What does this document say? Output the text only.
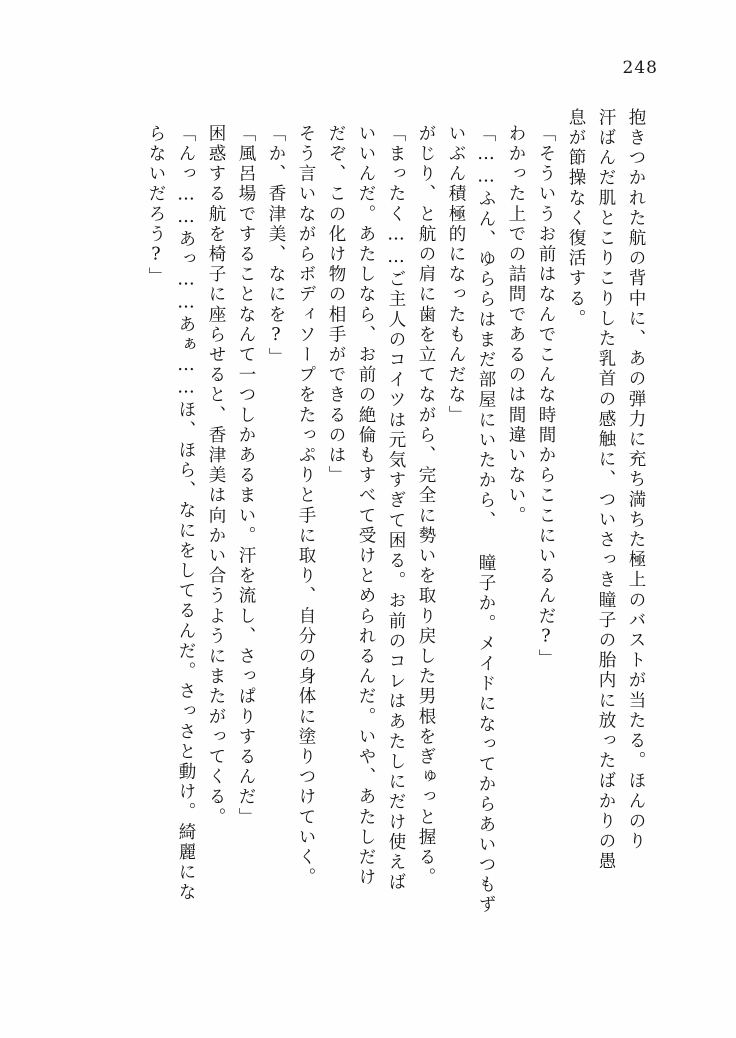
248
抱きつかれた航の背中に、あの弾力に充ち満ちた極上のバストが当たる。ほんのり
汗ばんだ肌とこりこりした乳首の感触に、ついさっき瞳子の胎内に放ったばかりの愚
息が節操なく復活する。
「そういうお前はなんでこんな時間からここにいるんだ?」
わかった上での詰問であるのは間違いない。
「……ふん、ゆららはまだ部屋にいたから、 瞳子か。メイドになってからあいつもず
いぶん積極的になったもんだな」
がじり、と航の肩に歯を立てながら、完全に勢いを取り戻した男根をぎゅっと握る。
「まったく……ご主人のコイツは元気すぎて困る。お前のコレはあたしにだけ使えば
いいんだ。あたしなら、お前の絶倫もすべて受けとめられるんだ。いや、あたしだけ
だぞ、この化け物の相手ができるのは」
そう言いながらボディソープをたっぷりと手に取り、自分の身体に塗りつけていく。
「か、香津美、なにを?」
「風呂場ですることなんて一つしかあるまい。汗を流し、さっぱりするんだ」
困惑する航を椅子に座らせると、香津美は向かい合うようにまたがってくる。
「んっ……あっ……あぁ……ほ、ほら、なにをしてるんだ。さっさと動け。綺麗にな
らないだろう?」
